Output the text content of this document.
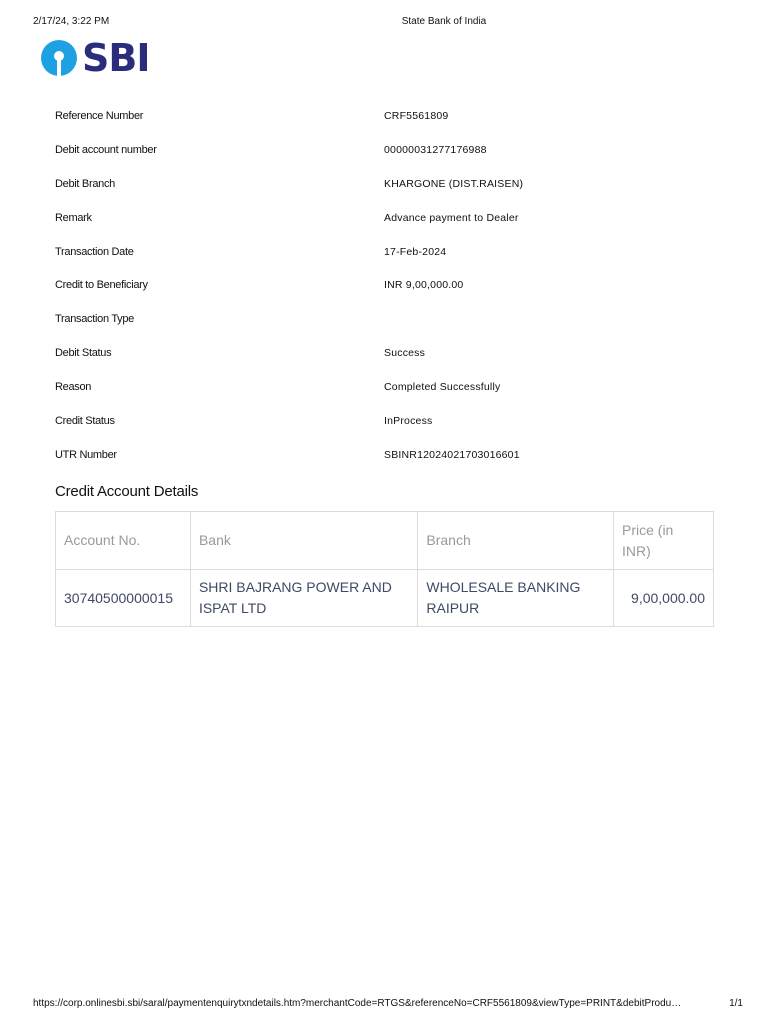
2/17/24, 3:22 PM	State Bank of India
SBI
Reference Number	CRF5561809
Debit account number	00000031277176988
Debit Branch	KHARGONE (DIST.RAISEN)
Remark	Advance payment to Dealer
Transaction Date	17-Feb-2024
Credit to Beneficiary	INR 9,00,000.00
Transaction Type
Debit Status	Success
Reason	Completed Successfully
Credit Status	InProcess
UTR Number	SBINR12024021703016601
Credit Account Details
Account No.	Bank	Branch	Price (in INR)
30740500000015	SHRI BAJRANG POWER AND ISPAT LTD	WHOLESALE BANKING RAIPUR	9,00,000.00
https://corp.onlinesbi.sbi/saral/paymentenquirytxndetails.htm?merchantCode=RTGS&referenceNo=CRF5561809&viewType=PRINT&debitProdu…	1/1
